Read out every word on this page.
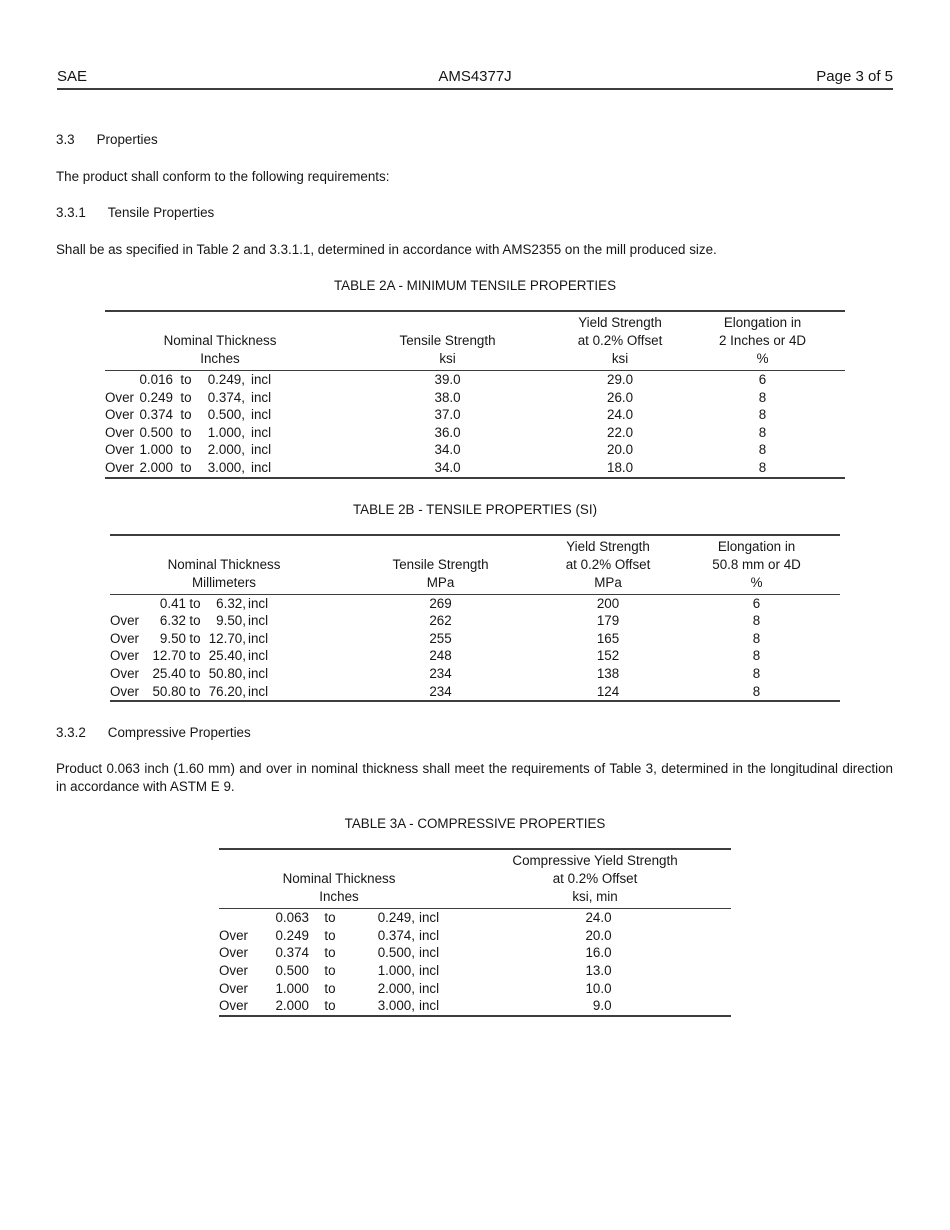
SAE	AMS4377J	Page 3 of 5
3.3 Properties
The product shall conform to the following requirements:
3.3.1 Tensile Properties
Shall be as specified in Table 2 and 3.3.1.1, determined in accordance with AMS2355 on the mill produced size.
TABLE 2A - MINIMUM TENSILE PROPERTIES
Nominal Thickness
Inches

Tensile Strength
ksi

Yield Strength
at 0.2% Offset
ksi

Elongation in
2 Inches or 4D
%

	0.016	to	0.249,	incl	39.0	29.0	6
Over	0.249	to	0.374,	incl	38.0	26.0	8
Over	0.374	to	0.500,	incl	37.0	24.0	8
Over	0.500	to	1.000,	incl	36.0	22.0	8
Over	1.000	to	2.000,	incl	34.0	20.0	8
Over	2.000	to	3.000,	incl	34.0	18.0	8
TABLE 2B - TENSILE PROPERTIES (SI)
Nominal Thickness
Millimeters

Tensile Strength
MPa

Yield Strength
at 0.2% Offset
MPa

Elongation in
50.8 mm or 4D
%

	0.41	to	6.32,	incl	269	200	6
Over	6.32	to	9.50,	incl	262	179	8
Over	9.50	to	12.70,	incl	255	165	8
Over	12.70	to	25.40,	incl	248	152	8
Over	25.40	to	50.80,	incl	234	138	8
Over	50.80	to	76.20,	incl	234	124	8
3.3.2 Compressive Properties
Product 0.063 inch (1.60 mm) and over in nominal thickness shall meet the requirements of Table 3, determined in the longitudinal direction in accordance with ASTM E 9.
TABLE 3A - COMPRESSIVE PROPERTIES
Nominal Thickness
Inches

Compressive Yield Strength
at 0.2% Offset
ksi, min

	0.063	to	0.249,	incl	24.0
Over	0.249	to	0.374,	incl	20.0
Over	0.374	to	0.500,	incl	16.0
Over	0.500	to	1.000,	incl	13.0
Over	1.000	to	2.000,	incl	10.0
Over	2.000	to	3.000,	incl	9.0
